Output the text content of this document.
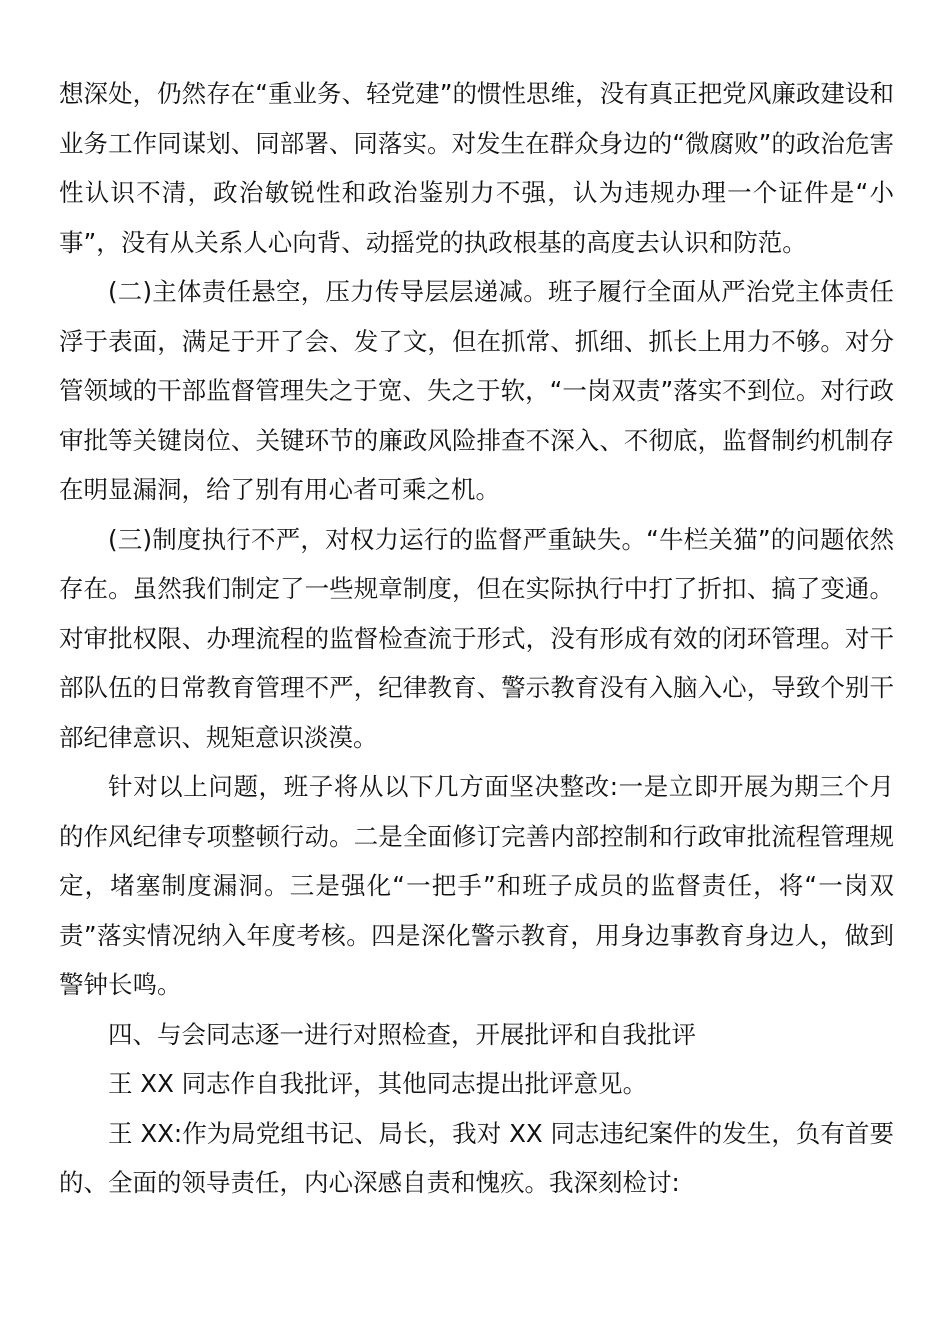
想深处，仍然存在“重业务、轻党建”的惯性思维，没有真正把党风廉政建设和业务工作同谋划、同部署、同落实。对发生在群众身边的“微腐败”的政治危害性认识不清，政治敏锐性和政治鉴别力不强，认为违规办理一个证件是“小事”，没有从关系人心向背、动摇党的执政根基的高度去认识和防范。

(二)主体责任悬空，压力传导层层递减。班子履行全面从严治党主体责任浮于表面，满足于开了会、发了文，但在抓常、抓细、抓长上用力不够。对分管领域的干部监督管理失之于宽、失之于软，“一岗双责”落实不到位。对行政审批等关键岗位、关键环节的廉政风险排查不深入、不彻底，监督制约机制存在明显漏洞，给了别有用心者可乘之机。

(三)制度执行不严，对权力运行的监督严重缺失。“牛栏关猫”的问题依然存在。虽然我们制定了一些规章制度，但在实际执行中打了折扣、搞了变通。对审批权限、办理流程的监督检查流于形式，没有形成有效的闭环管理。对干部队伍的日常教育管理不严，纪律教育、警示教育没有入脑入心，导致个别干部纪律意识、规矩意识淡漠。

针对以上问题，班子将从以下几方面坚决整改:一是立即开展为期三个月的作风纪律专项整顿行动。二是全面修订完善内部控制和行政审批流程管理规定，堵塞制度漏洞。三是强化“一把手”和班子成员的监督责任，将“一岗双责”落实情况纳入年度考核。四是深化警示教育，用身边事教育身边人，做到警钟长鸣。

四、与会同志逐一进行对照检查，开展批评和自我批评

王 XX 同志作自我批评，其他同志提出批评意见。

王 XX:作为局党组书记、局长，我对 XX 同志违纪案件的发生，负有首要的、全面的领导责任，内心深感自责和愧疚。我深刻检讨:
